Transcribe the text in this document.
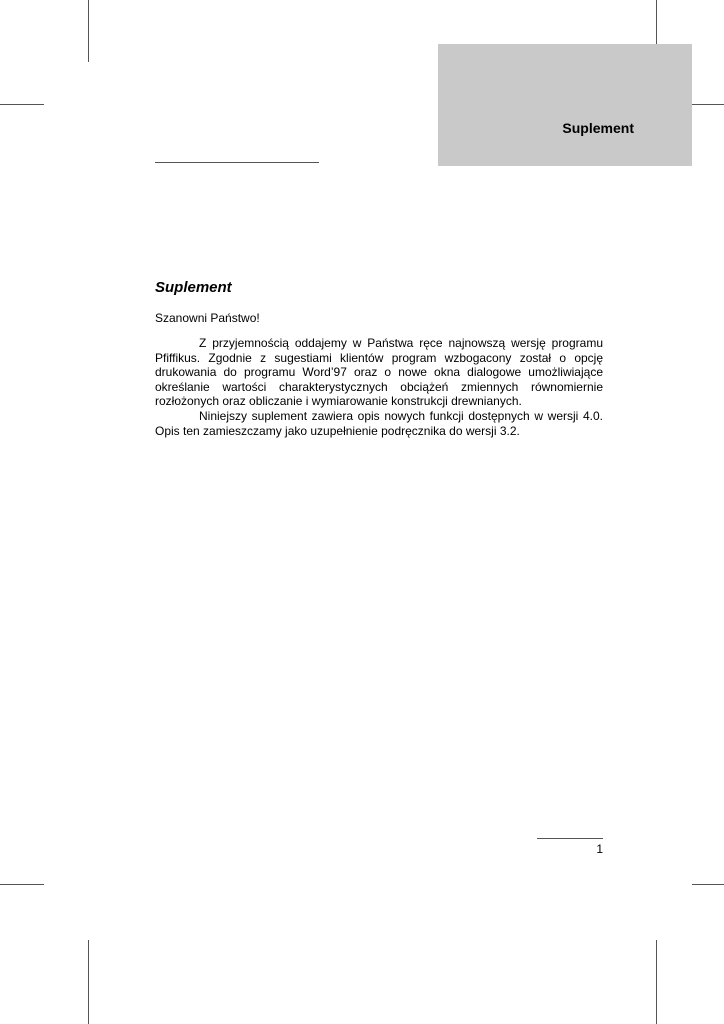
Suplement
Suplement
Szanowni Państwo!

Z przyjemnością oddajemy w Państwa ręce najnowszą wersję programu Pfiffikus. Zgodnie z sugestiami klientów program wzbogacony został o opcję drukowania do programu Word’97 oraz o nowe okna dialogowe umożliwiające określanie wartości charakterystycznych obciążeń zmiennych równomiernie rozłożonych oraz obliczanie i wymiarowanie konstrukcji drewnianych.

Niniejszy suplement zawiera opis nowych funkcji dostępnych w wersji 4.0. Opis ten zamieszczamy jako uzupełnienie podręcznika do wersji 3.2.

1
